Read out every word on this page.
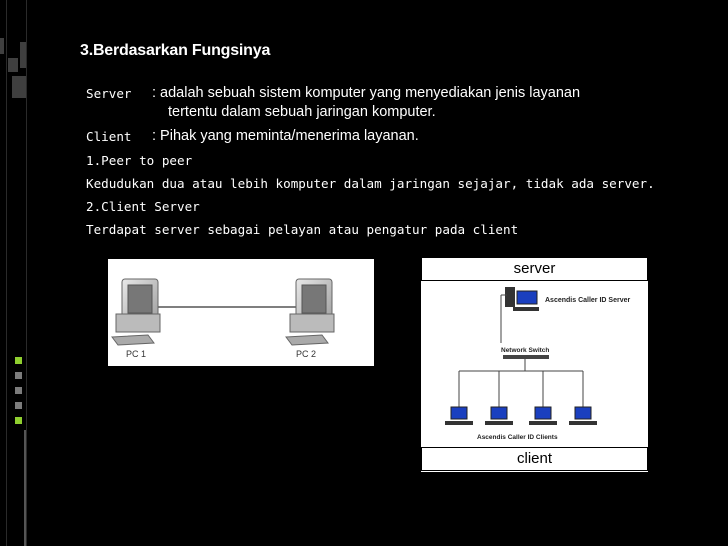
3.Berdasarkan Fungsinya
Server : adalah sebuah sistem komputer yang menyediakan jenis layanan
tertentu dalam sebuah jaringan komputer.
Client : Pihak yang meminta/menerima layanan.
1.Peer to peer
Kedudukan dua atau lebih komputer dalam jaringan sejajar, tidak ada server.
2.Client Server
Terdapat server sebagai pelayan atau pengatur pada client
PC 1	PC 2
server
Ascendis Caller ID Server
Network Switch
Ascendis Caller ID Clients
client
